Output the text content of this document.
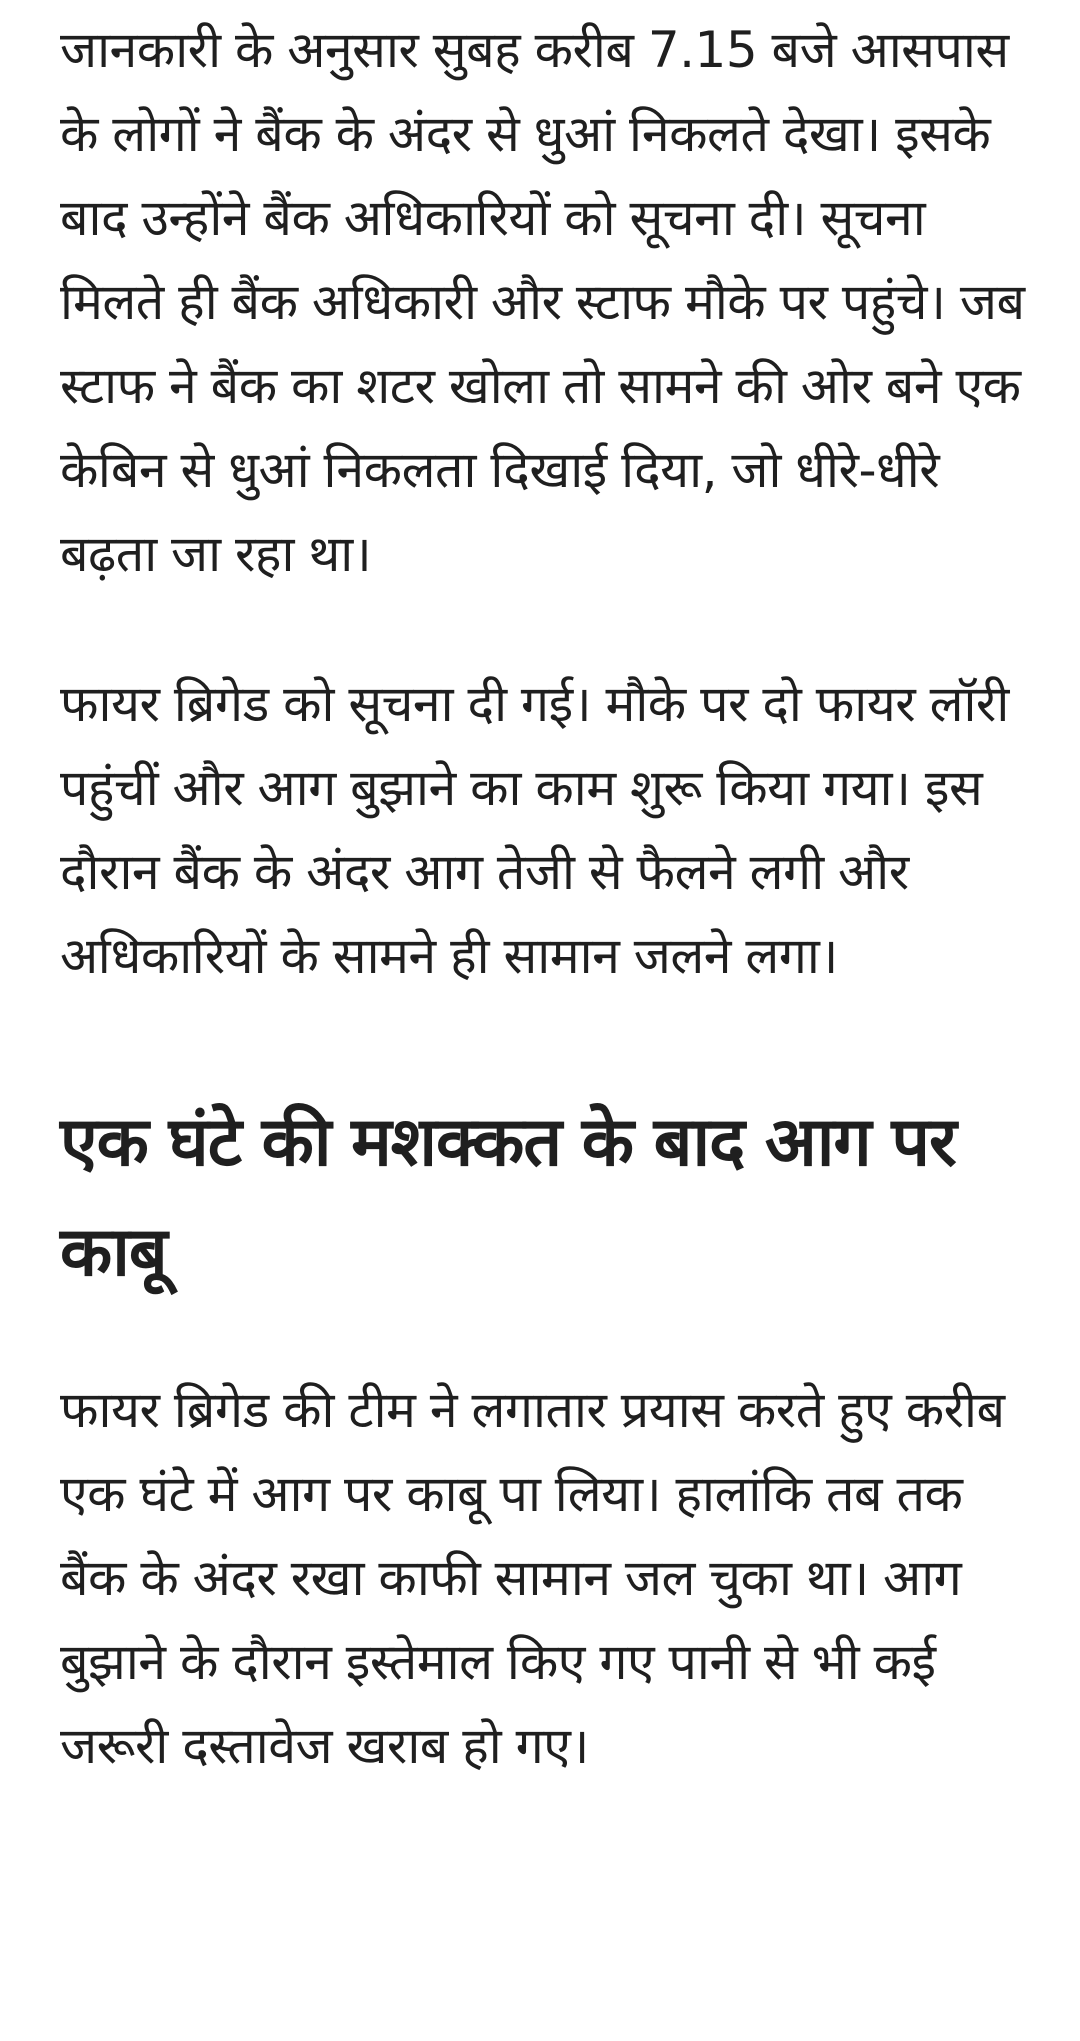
जानकारी के अनुसार सुबह करीब 7.15 बजे आसपास के लोगों ने बैंक के अंदर से धुआं निकलते देखा। इसके बाद उन्होंने बैंक अधिकारियों को सूचना दी। सूचना मिलते ही बैंक अधिकारी और स्टाफ मौके पर पहुंचे। जब स्टाफ ने बैंक का शटर खोला तो सामने की ओर बने एक केबिन से धुआं निकलता दिखाई दिया, जो धीरे-धीरे बढ़ता जा रहा था।

फायर ब्रिगेड को सूचना दी गई। मौके पर दो फायर लॉरी पहुंचीं और आग बुझाने का काम शुरू किया गया। इस दौरान बैंक के अंदर आग तेजी से फैलने लगी और अधिकारियों के सामने ही सामान जलने लगा।

एक घंटे की मशक्कत के बाद आग पर काबू

फायर ब्रिगेड की टीम ने लगातार प्रयास करते हुए करीब एक घंटे में आग पर काबू पा लिया। हालांकि तब तक बैंक के अंदर रखा काफी सामान जल चुका था। आग बुझाने के दौरान इस्तेमाल किए गए पानी से भी कई जरूरी दस्तावेज खराब हो गए।
